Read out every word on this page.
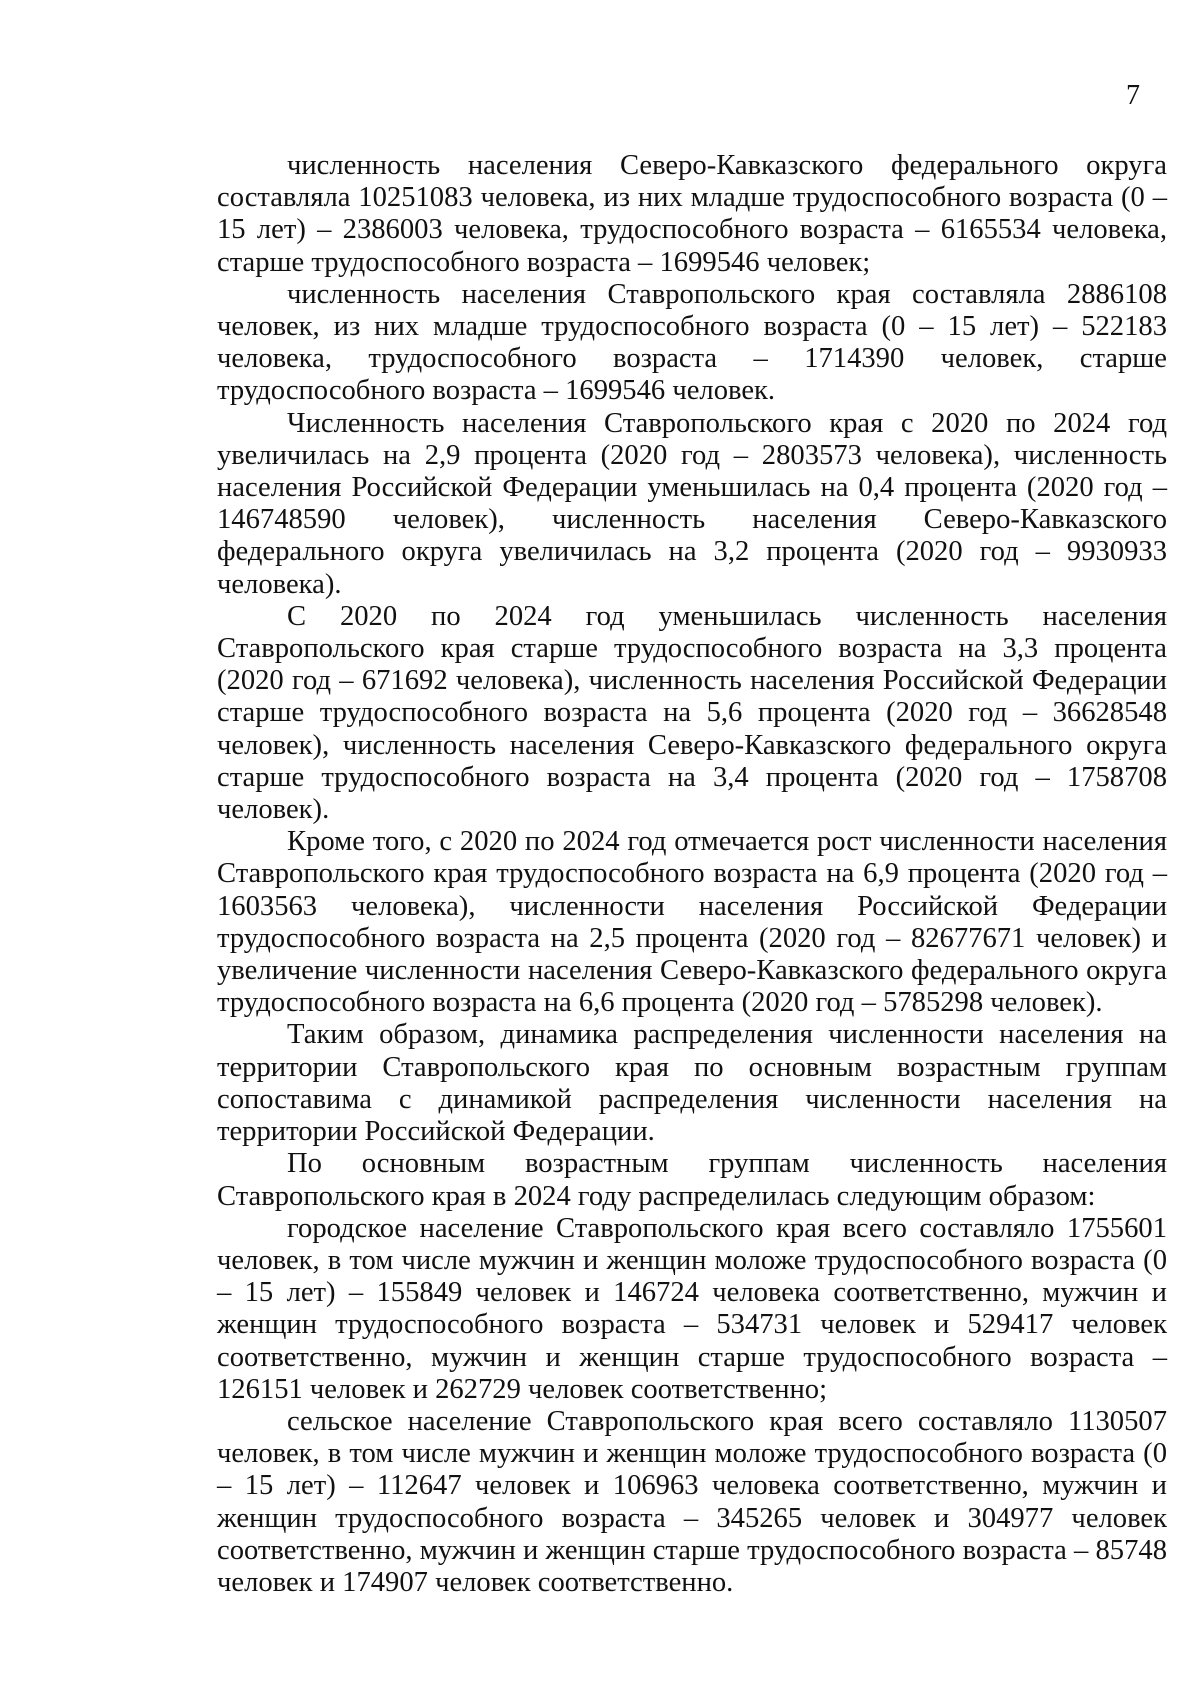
7

численность населения Северо-Кавказского федерального округа составляла 10251083 человека, из них младше трудоспособного возраста (0 – 15 лет) – 2386003 человека, трудоспособного возраста – 6165534 человека, старше трудоспособного возраста – 1699546 человек;

численность населения Ставропольского края составляла 2886108 человек, из них младше трудоспособного возраста (0 – 15 лет) – 522183 человека, трудоспособного возраста – 1714390 человек, старше трудоспособного возраста – 1699546 человек.

Численность населения Ставропольского края с 2020 по 2024 год увеличилась на 2,9 процента (2020 год – 2803573 человека), численность населения Российской Федерации уменьшилась на 0,4 процента (2020 год – 146748590 человек), численность населения Северо-Кавказского федерального округа увеличилась на 3,2 процента (2020 год – 9930933 человека).

С 2020 по 2024 год уменьшилась численность населения Ставропольского края старше трудоспособного возраста на 3,3 процента (2020 год – 671692 человека), численность населения Российской Федерации старше трудоспособного возраста на 5,6 процента (2020 год – 36628548 человек), численность населения Северо-Кавказского федерального округа старше трудоспособного возраста на 3,4 процента (2020 год – 1758708 человек).

Кроме того, с 2020 по 2024 год отмечается рост численности населения Ставропольского края трудоспособного возраста на 6,9 процента (2020 год – 1603563 человека), численности населения Российской Федерации трудоспособного возраста на 2,5 процента (2020 год – 82677671 человек) и увеличение численности населения Северо-Кавказского федерального округа трудоспособного возраста на 6,6 процента (2020 год – 5785298 человек).

Таким образом, динамика распределения численности населения на территории Ставропольского края по основным возрастным группам сопоставима с динамикой распределения численности населения на территории Российской Федерации.

По основным возрастным группам численность населения Ставропольского края в 2024 году распределилась следующим образом:

городское население Ставропольского края всего составляло 1755601 человек, в том числе мужчин и женщин моложе трудоспособного возраста (0 – 15 лет) – 155849 человек и 146724 человека соответственно, мужчин и женщин трудоспособного возраста – 534731 человек и 529417 человек соответственно, мужчин и женщин старше трудоспособного возраста – 126151 человек и 262729 человек соответственно;

сельское население Ставропольского края всего составляло 1130507 человек, в том числе мужчин и женщин моложе трудоспособного возраста (0 – 15 лет) – 112647 человек и 106963 человека соответственно, мужчин и женщин трудоспособного возраста – 345265 человек и 304977 человек соответственно, мужчин и женщин старше трудоспособного возраста – 85748 человек и 174907 человек соответственно.
